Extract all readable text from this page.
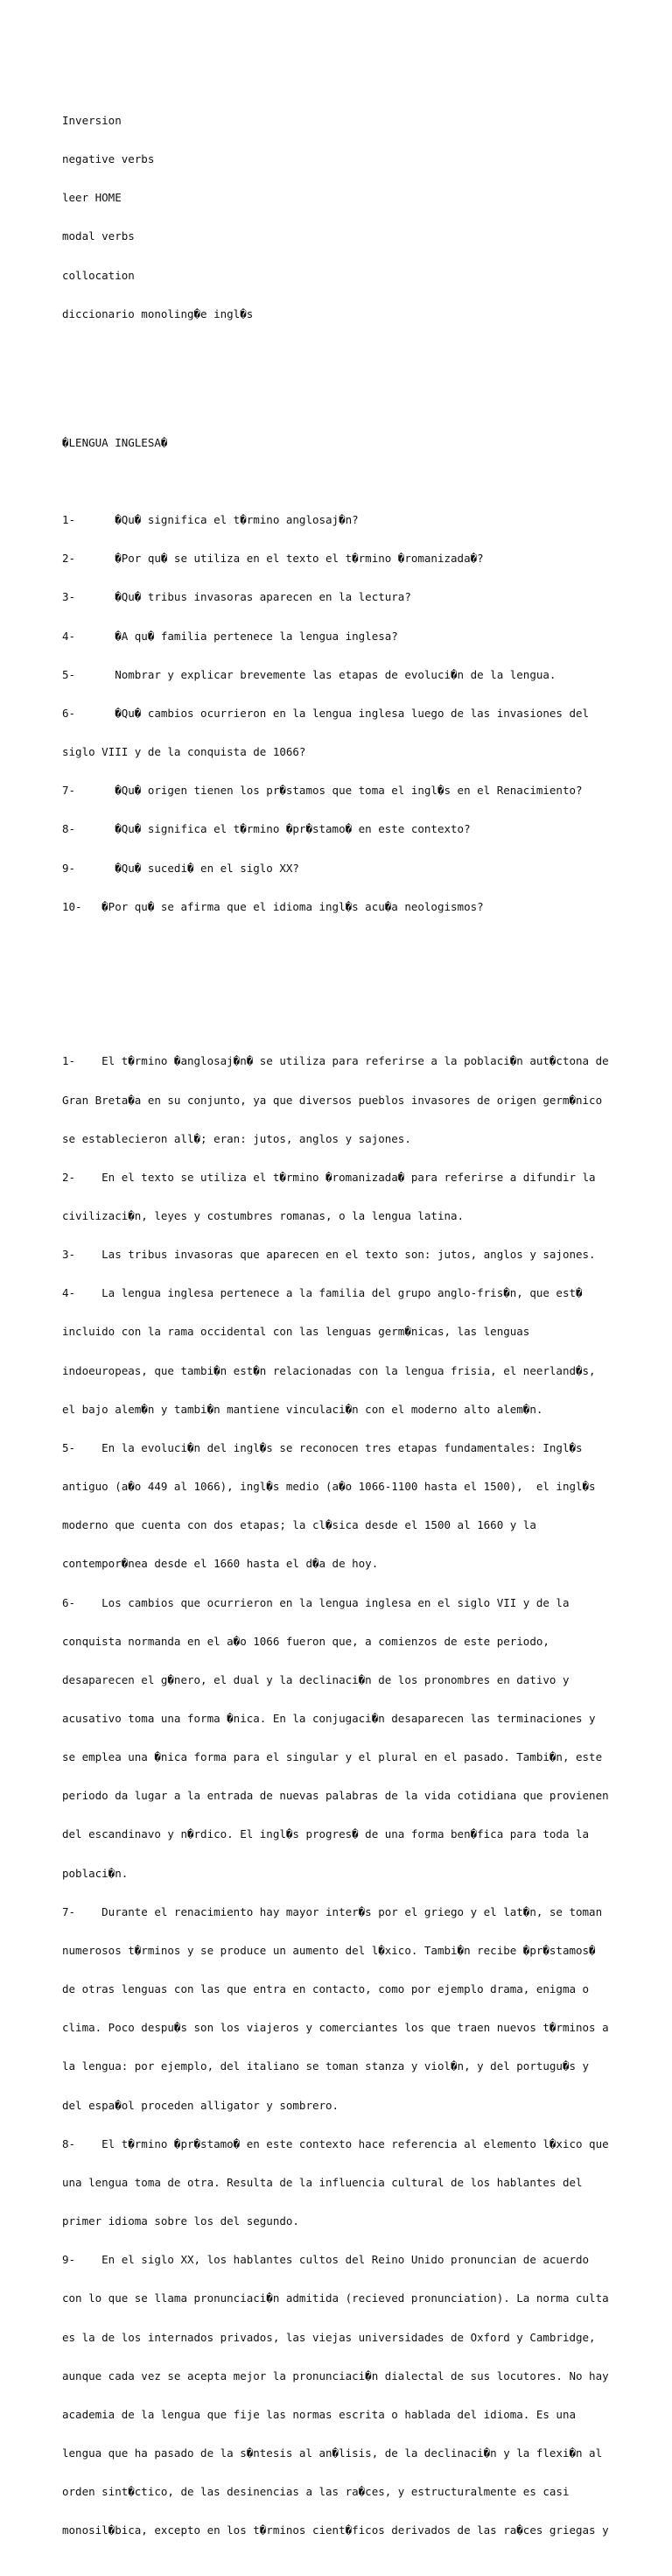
Inversion

negative verbs

leer HOME

modal verbs

collocation

diccionario monoling�e ingl�s

�LENGUA INGLESA�

1-      �Qu� significa el t�rmino anglosaj�n?

2-      �Por qu� se utiliza en el texto el t�rmino �romanizada�?

3-      �Qu� tribus invasoras aparecen en la lectura?

4-      �A qu� familia pertenece la lengua inglesa?

5-      Nombrar y explicar brevemente las etapas de evoluci�n de la lengua.

6-      �Qu� cambios ocurrieron en la lengua inglesa luego de las invasiones del

siglo VIII y de la conquista de 1066?

7-      �Qu� origen tienen los pr�stamos que toma el ingl�s en el Renacimiento?

8-      �Qu� significa el t�rmino �pr�stamo� en este contexto?

9-      �Qu� sucedi� en el siglo XX?

10-   �Por qu� se afirma que el idioma ingl�s acu�a neologismos?

1-    El t�rmino �anglosaj�n� se utiliza para referirse a la poblaci�n aut�ctona de

Gran Breta�a en su conjunto, ya que diversos pueblos invasores de origen germ�nico

se establecieron all�; eran: jutos, anglos y sajones.

2-    En el texto se utiliza el t�rmino �romanizada� para referirse a difundir la

civilizaci�n, leyes y costumbres romanas, o la lengua latina.

3-    Las tribus invasoras que aparecen en el texto son: jutos, anglos y sajones.

4-    La lengua inglesa pertenece a la familia del grupo anglo-fris�n, que est�

incluido con la rama occidental con las lenguas germ�nicas, las lenguas

indoeuropeas, que tambi�n est�n relacionadas con la lengua frisia, el neerland�s,

el bajo alem�n y tambi�n mantiene vinculaci�n con el moderno alto alem�n.

5-    En la evoluci�n del ingl�s se reconocen tres etapas fundamentales: Ingl�s

antiguo (a�o 449 al 1066), ingl�s medio (a�o 1066-1100 hasta el 1500),  el ingl�s

moderno que cuenta con dos etapas; la cl�sica desde el 1500 al 1660 y la

contempor�nea desde el 1660 hasta el d�a de hoy.

6-    Los cambios que ocurrieron en la lengua inglesa en el siglo VII y de la

conquista normanda en el a�o 1066 fueron que, a comienzos de este periodo,

desaparecen el g�nero, el dual y la declinaci�n de los pronombres en dativo y

acusativo toma una forma �nica. En la conjugaci�n desaparecen las terminaciones y

se emplea una �nica forma para el singular y el plural en el pasado. Tambi�n, este

periodo da lugar a la entrada de nuevas palabras de la vida cotidiana que provienen

del escandinavo y n�rdico. El ingl�s progres� de una forma ben�fica para toda la

poblaci�n.

7-    Durante el renacimiento hay mayor inter�s por el griego y el lat�n, se toman

numerosos t�rminos y se produce un aumento del l�xico. Tambi�n recibe �pr�stamos�

de otras lenguas con las que entra en contacto, como por ejemplo drama, enigma o

clima. Poco despu�s son los viajeros y comerciantes los que traen nuevos t�rminos a

la lengua: por ejemplo, del italiano se toman stanza y viol�n, y del portugu�s y

del espa�ol proceden alligator y sombrero.

8-    El t�rmino �pr�stamo� en este contexto hace referencia al elemento l�xico que

una lengua toma de otra. Resulta de la influencia cultural de los hablantes del

primer idioma sobre los del segundo.

9-    En el siglo XX, los hablantes cultos del Reino Unido pronuncian de acuerdo

con lo que se llama pronunciaci�n admitida (recieved pronunciation). La norma culta

es la de los internados privados, las viejas universidades de Oxford y Cambridge,

aunque cada vez se acepta mejor la pronunciaci�n dialectal de sus locutores. No hay

academia de la lengua que fije las normas escrita o hablada del idioma. Es una

lengua que ha pasado de la s�ntesis al an�lisis, de la declinaci�n y la flexi�n al

orden sint�ctico, de las desinencias a las ra�ces, y estructuralmente es casi

monosil�bica, excepto en los t�rminos cient�ficos derivados de las ra�ces griegas y
